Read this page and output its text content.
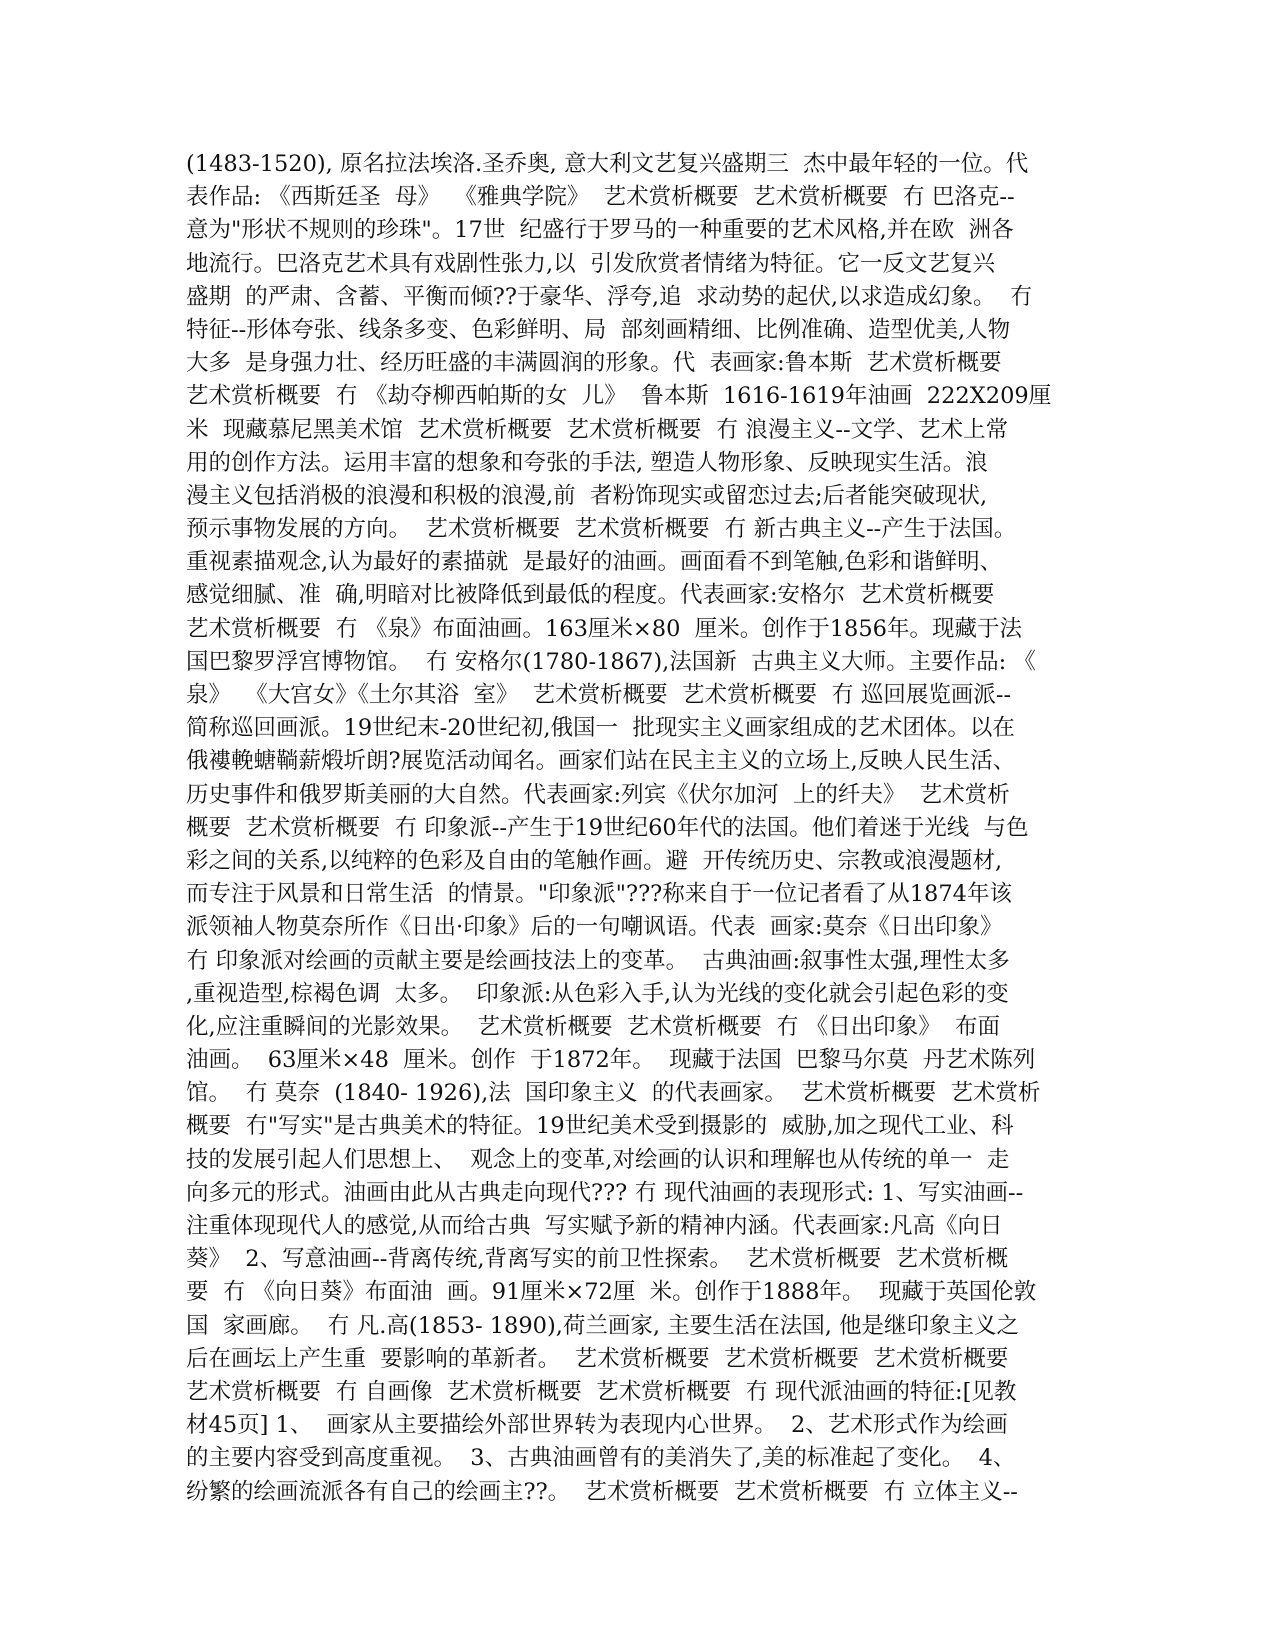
(1483-1520), 原名拉法埃洛.圣乔奥, 意大利文艺复兴盛期三  杰中最年轻的一位。代
表作品: 《西斯廷圣  母》  《雅典学院》  艺术赏析概要  艺术赏析概要  冇 巴洛克--
意为"形状不规则的珍珠"。17世  纪盛行于罗马的一种重要的艺术风格,并在欧  洲各
地流行。巴洛克艺术具有戏剧性张力,以  引发欣赏者情绪为特征。它一反文艺复兴
盛期  的严肃、含蓄、平衡而倾??于豪华、浮夸,追  求动势的起伏,以求造成幻象。  冇
特征--形体夸张、线条多变、色彩鲜明、局  部刻画精细、比例准确、造型优美,人物
大多  是身强力壮、经历旺盛的丰满圆润的形象。代  表画家:鲁本斯  艺术赏析概要
艺术赏析概要  冇 《劫夺柳西帕斯的女  儿》  鲁本斯  1616-1619年油画  222X209厘
米  现藏慕尼黑美术馆  艺术赏析概要  艺术赏析概要  冇 浪漫主义--文学、艺术上常
用的创作方法。运用丰富的想象和夸张的手法, 塑造人物形象、反映现实生活。浪
漫主义包括消极的浪漫和积极的浪漫,前  者粉饰现实或留恋过去;后者能突破现状,
预示事物发展的方向。  艺术赏析概要  艺术赏析概要  冇 新古典主义--产生于法国。
重视素描观念,认为最好的素描就  是最好的油画。画面看不到笔触,色彩和谐鲜明、
感觉细腻、准  确,明暗对比被降低到最低的程度。代表画家:安格尔  艺术赏析概要
艺术赏析概要  冇 《泉》布面油画。163厘米×80  厘米。创作于1856年。现藏于法
国巴黎罗浮宫博物馆。  冇 安格尔(1780-1867),法国新  古典主义大师。主要作品: 《
泉》  《大宫女》《土尔其浴  室》  艺术赏析概要  艺术赏析概要  冇 巡回展览画派--
简称巡回画派。19世纪末-20世纪初,俄国一  批现实主义画家组成的艺术团体。以在
俄褸輓螗鞝薪煅圻朗?展览活动闻名。画家们站在民主主义的立场上,反映人民生活、
历史事件和俄罗斯美丽的大自然。代表画家:列宾《伏尔加河  上的纤夫》  艺术赏析
概要  艺术赏析概要  冇 印象派--产生于19世纪60年代的法国。他们着迷于光线  与色
彩之间的关系,以纯粹的色彩及自由的笔触作画。避  开传统历史、宗教或浪漫题材,
而专注于风景和日常生活  的情景。"印象派"???称来自于一位记者看了从1874年该
派领袖人物莫奈所作《日出·印象》后的一句嘲讽语。代表  画家:莫奈《日出印象》
冇 印象派对绘画的贡献主要是绘画技法上的变革。  古典油画:叙事性太强,理性太多
,重视造型,棕褐色调  太多。  印象派:从色彩入手,认为光线的变化就会引起色彩的变
化,应注重瞬间的光影效果。  艺术赏析概要  艺术赏析概要  冇 《日出印象》  布面
油画。  63厘米×48  厘米。创作  于1872年。  现藏于法国  巴黎马尔莫  丹艺术陈列
馆。  冇 莫奈  (1840- 1926),法  国印象主义  的代表画家。  艺术赏析概要  艺术赏析
概要  冇"写实"是古典美术的特征。19世纪美术受到摄影的  威胁,加之现代工业、科
技的发展引起人们思想上、  观念上的变革,对绘画的认识和理解也从传统的单一  走
向多元的形式。油画由此从古典走向现代??? 冇 现代油画的表现形式: 1、写实油画--
注重体现现代人的感觉,从而给古典  写实赋予新的精神内涵。代表画家:凡高《向日
葵》  2、写意油画--背离传统,背离写实的前卫性探索。  艺术赏析概要  艺术赏析概
要  冇 《向日葵》布面油  画。91厘米×72厘  米。创作于1888年。  现藏于英国伦敦
国  家画廊。  冇 凡.高(1853- 1890),荷兰画家, 主要生活在法国, 他是继印象主义之
后在画坛上产生重  要影响的革新者。  艺术赏析概要  艺术赏析概要  艺术赏析概要
艺术赏析概要  冇 自画像  艺术赏析概要  艺术赏析概要  冇 现代派油画的特征:[见教
材45页] 1、  画家从主要描绘外部世界转为表现内心世界。  2、艺术形式作为绘画
的主要内容受到高度重视。  3、古典油画曾有的美消失了,美的标准起了变化。  4、
纷繁的绘画流派各有自己的绘画主??。  艺术赏析概要  艺术赏析概要  冇 立体主义--
